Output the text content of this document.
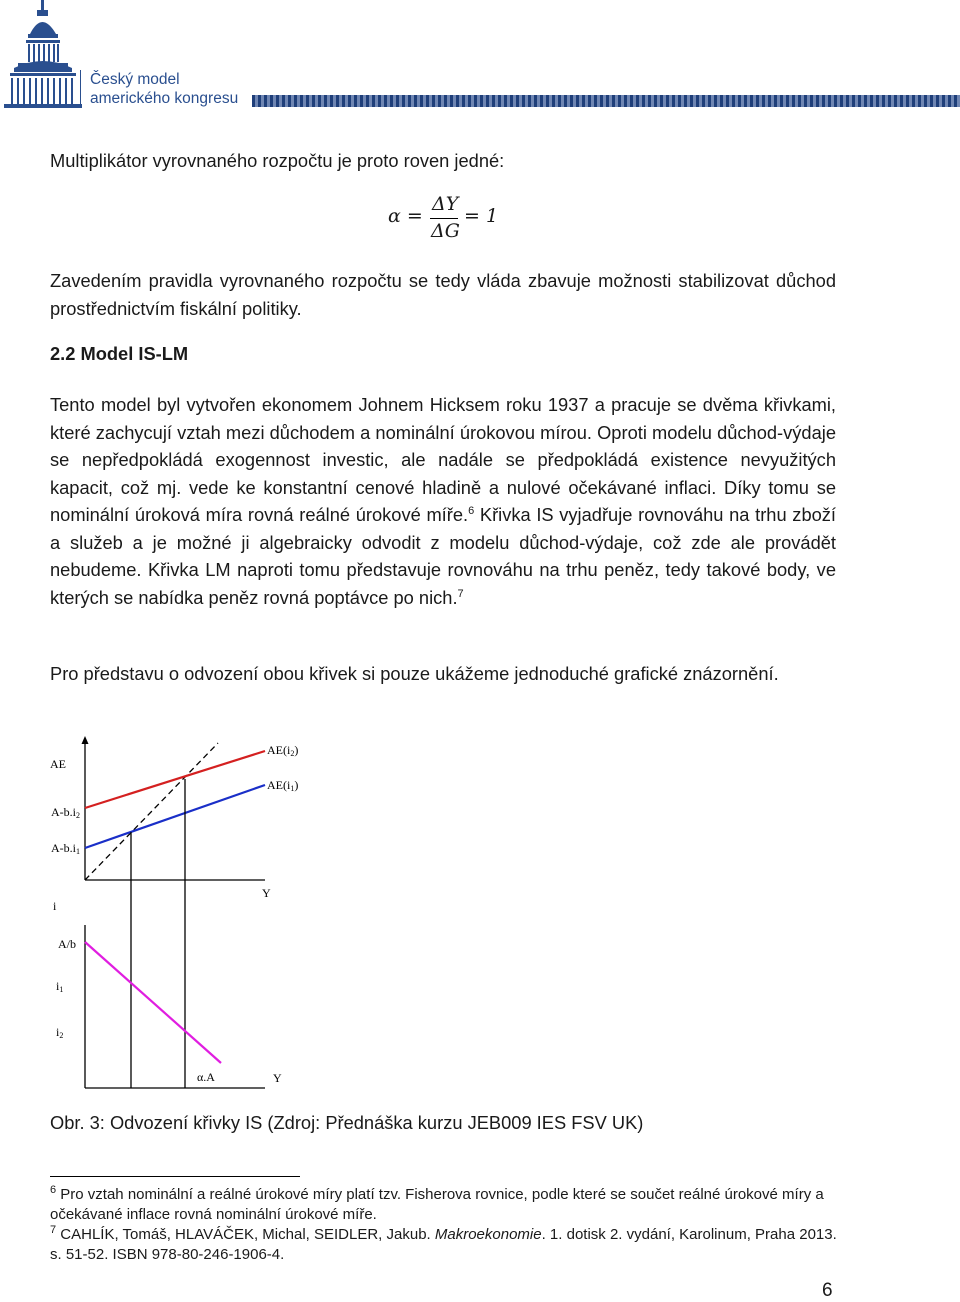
Český model
amerického kongresu
Multiplikátor vyrovnaného rozpočtu je proto roven jedné:
α =
ΔY
ΔG
= 1
Zavedením pravidla vyrovnaného rozpočtu se tedy vláda zbavuje možnosti stabilizovat důchod prostřednictvím fiskální politiky.
2.2 Model IS-LM
Tento model byl vytvořen ekonomem Johnem Hicksem roku 1937 a pracuje se dvěma křivkami, které zachycují vztah mezi důchodem a nominální úrokovou mírou. Oproti modelu důchod-výdaje se nepředpokládá exogennost investic, ale nadále se předpokládá existence nevyužitých kapacit, což mj. vede ke konstantní cenové hladině a nulové očekávané inflaci. Díky tomu se nominální úroková míra rovná reálné úrokové míře.$^6$ Křivka IS vyjadřuje rovnováhu na trhu zboží a služeb a je možné ji algebraicky odvodit z modelu důchod-výdaje, což zde ale provádět nebudeme. Křivka LM naproti tomu představuje rovnováhu na trhu peněz, tedy takové body, ve kterých se nabídka peněz rovná poptávce po nich.$^7$
Pro představu o odvození obou křivek si pouze ukážeme jednoduché grafické znázornění.
AE
AE(i2)
AE(i1)
A-b.i2
A-b.i1
Y
i
A/b
i1
i2
α.A	Y
Obr. 3: Odvození křivky IS (Zdroj: Přednáška kurzu JEB009 IES FSV UK)
$^6$ Pro vztah nominální a reálné úrokové míry platí tzv. Fisherova rovnice, podle které se součet reálné úrokové míry a očekávané inflace rovná nominální úrokové míře.
$^7$ CAHLÍK, Tomáš, HLAVÁČEK, Michal, SEIDLER, Jakub. Makroekonomie. 1. dotisk 2. vydání, Karolinum, Praha 2013. s. 51-52. ISBN 978-80-246-1906-4.
6
